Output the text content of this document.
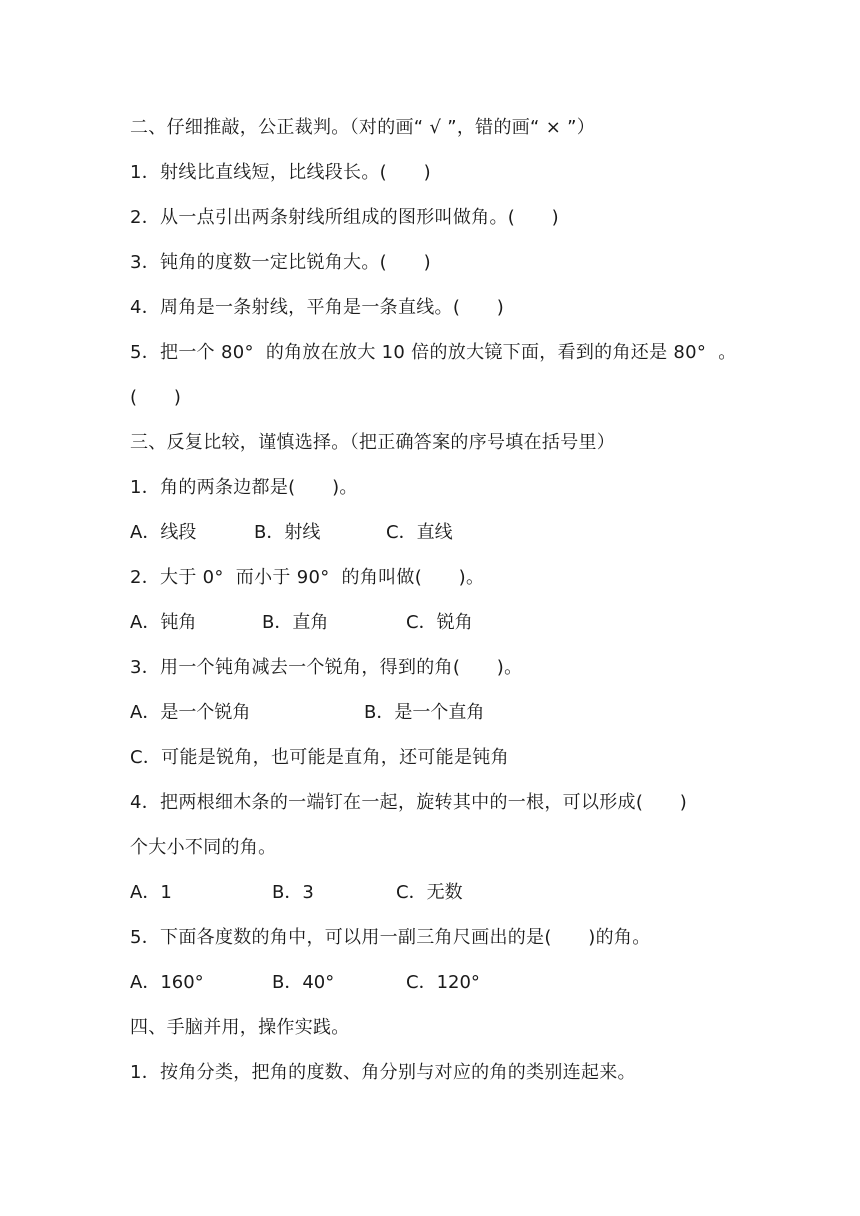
二、仔细推敲，公正裁判。（对的画“ √ ”，错的画“ × ”）
1．射线比直线短，比线段长。(　　)
2．从一点引出两条射线所组成的图形叫做角。(　　)
3．钝角的度数一定比锐角大。(　　)
4．周角是一条射线，平角是一条直线。(　　)
5．把一个 80°  的角放在放大 10 倍的放大镜下面，看到的角还是 80°  。
(　　)
三、反复比较，谨慎选择。（把正确答案的序号填在括号里）
1．角的两条边都是(　　)。
A．线段	B．射线	C．直线
2．大于 0°  而小于 90°  的角叫做(　　)。
A．钝角	B．直角	C．锐角
3．用一个钝角减去一个锐角，得到的角(　　)。
A．是一个锐角	B．是一个直角
C．可能是锐角，也可能是直角，还可能是钝角
4．把两根细木条的一端钉在一起，旋转其中的一根，可以形成(　　)
个大小不同的角。
A．1	B．3	C．无数
5．下面各度数的角中，可以用一副三角尺画出的是(　　)的角。
A．160°	B．40°	C．120°
四、手脑并用，操作实践。
1．按角分类，把角的度数、角分别与对应的角的类别连起来。
